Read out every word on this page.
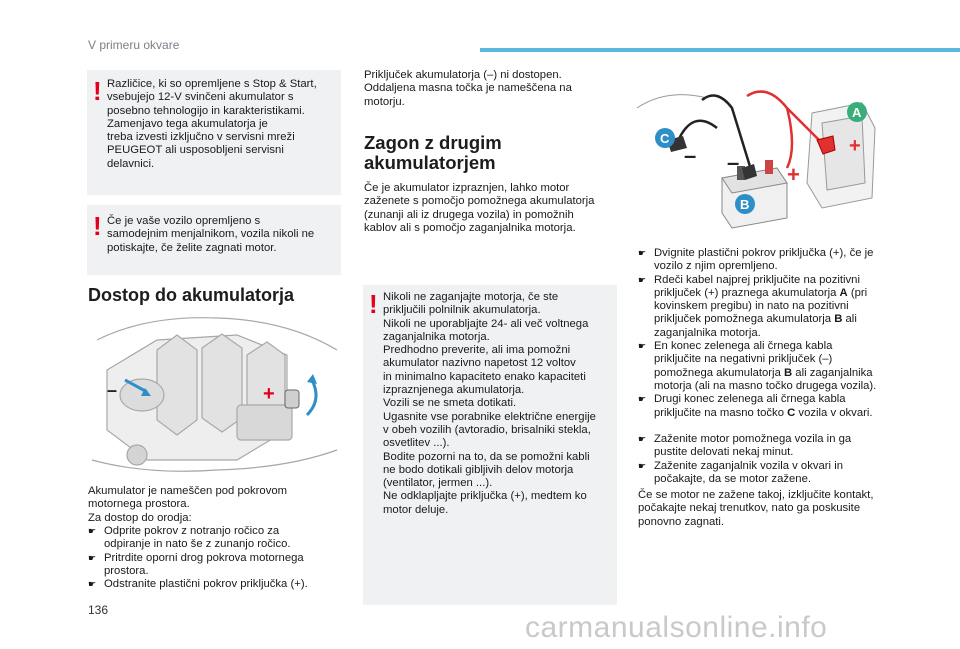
V primeru okvare
! Različice, ki so opremljene s Stop & Start,
vsebujejo 12-V svinčeni akumulator s
posebno tehnologijo in karakteristikami.
Zamenjavo tega akumulatorja je
treba izvesti izključno v servisni mreži
PEUGEOT ali usposobljeni servisni
delavnici.
! Če je vaše vozilo opremljeno s
samodejnim menjalnikom, vozila nikoli ne
potiskajte, če želite zagnati motor.
Dostop do akumulatorja
–	+
Akumulator je nameščen pod pokrovom
motornega prostora.
Za dostop do orodja:
☛ Odprite pokrov z notranjo ročico za
odpiranje in nato še z zunanjo ročico.
☛ Pritrdite oporni drog pokrova motornega
prostora.
☛ Odstranite plastični pokrov priključka (+).
Priključek akumulatorja (–) ni dostopen.
Oddaljena masna točka je nameščena na
motorju.
Zagon z drugim
akumulatorjem
Če je akumulator izpraznjen, lahko motor
zaženete s pomočjo pomožnega akumulatorja
(zunanji ali iz drugega vozila) in pomožnih
kablov ali s pomočjo zaganjalnika motorja.
! Nikoli ne zaganjajte motorja, če ste
priključili polnilnik akumulatorja.
Nikoli ne uporabljajte 24- ali več voltnega
zaganjalnika motorja.
Predhodno preverite, ali ima pomožni
akumulator nazivno napetost 12 voltov
in minimalno kapaciteto enako kapaciteti
izpraznjenega akumulatorja.
Vozili se ne smeta dotikati.
Ugasnite vse porabnike električne energije
v obeh vozilih (avtoradio, brisalniki stekla,
osvetlitev ...).
Bodite pozorni na to, da se pomožni kabli
ne bodo dotikali gibljivih delov motorja
(ventilator, jermen ...).
Ne odklapljajte priključka (+), medtem ko
motor deluje.
A
B
C
– – +
+
☛ Dvignite plastični pokrov priključka (+), če je
vozilo z njim opremljeno.
☛ Rdeči kabel najprej priključite na pozitivni
priključek (+) praznega akumulatorja A (pri
kovinskem pregibu) in nato na pozitivni
priključek pomožnega akumulatorja B ali
zaganjalnika motorja.
☛ En konec zelenega ali črnega kabla
priključite na negativni priključek (–)
pomožnega akumulatorja B ali zaganjalnika
motorja (ali na masno točko drugega vozila).
☛ Drugi konec zelenega ali črnega kabla
priključite na masno točko C vozila v okvari.
☛ Zaženite motor pomožnega vozila in ga
pustite delovati nekaj minut.
☛ Zaženite zaganjalnik vozila v okvari in
počakajte, da se motor zažene.
Če se motor ne zažene takoj, izključite kontakt,
počakajte nekaj trenutkov, nato ga poskusite
ponovno zagnati.
136
carmanualsonline.info
